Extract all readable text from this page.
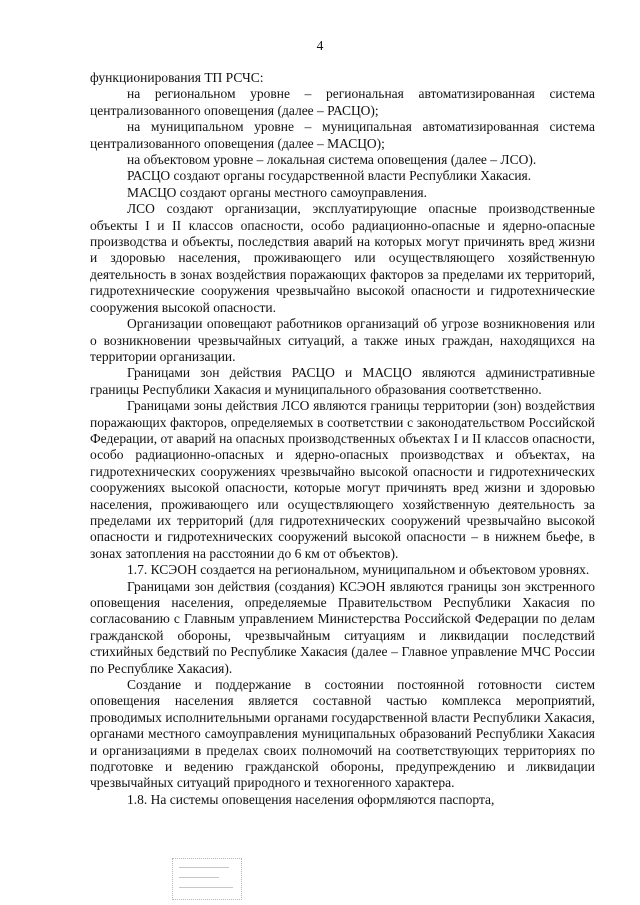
4

функционирования ТП РСЧС:

на региональном уровне – региональная автоматизированная система централизованного оповещения (далее – РАСЦО);

на муниципальном уровне – муниципальная автоматизированная система централизованного оповещения (далее – МАСЦО);

на объектовом уровне – локальная система оповещения (далее – ЛСО).

РАСЦО создают органы государственной власти Республики Хакасия.

МАСЦО создают органы местного самоуправления.

ЛСО создают организации, эксплуатирующие опасные производственные объекты I и II классов опасности, особо радиационно-опасные и ядерно-опасные производства и объекты, последствия аварий на которых могут причинять вред жизни и здоровью населения, проживающего или осуществляющего хозяйственную деятельность в зонах воздействия поражающих факторов за пределами их территорий, гидротехнические сооружения чрезвычайно высокой опасности и гидротехнические сооружения высокой опасности.

Организации оповещают работников организаций об угрозе возникновения или о возникновении чрезвычайных ситуаций, а также иных граждан, находящихся на территории организации.

Границами зон действия РАСЦО и МАСЦО являются административные границы Республики Хакасия и муниципального образования соответственно.

Границами зоны действия ЛСО являются границы территории (зон) воздействия поражающих факторов, определяемых в соответствии с законодательством Российской Федерации, от аварий на опасных производственных объектах I и II классов опасности, особо радиационно-опасных и ядерно-опасных производствах и объектах, на гидротехнических сооружениях чрезвычайно высокой опасности и гидротехнических сооружениях высокой опасности, которые могут причинять вред жизни и здоровью населения, проживающего или осуществляющего хозяйственную деятельность за пределами их территорий (для гидротехнических сооружений чрезвычайно высокой опасности и гидротехнических сооружений высокой опасности – в нижнем бьефе, в зонах затопления на расстоянии до 6 км от объектов).

1.7. КСЭОН создается на региональном, муниципальном и объектовом уровнях.

Границами зон действия (создания) КСЭОН являются границы зон экстренного оповещения населения, определяемые Правительством Республики Хакасия по согласованию с Главным управлением Министерства Российской Федерации по делам гражданской обороны, чрезвычайным ситуациям и ликвидации последствий стихийных бедствий по Республике Хакасия (далее – Главное управление МЧС России по Республике Хакасия).

Создание и поддержание в состоянии постоянной готовности систем оповещения населения является составной частью комплекса мероприятий, проводимых исполнительными органами государственной власти Республики Хакасия, органами местного самоуправления муниципальных образований Республики Хакасия и организациями в пределах своих полномочий на соответствующих территориях по подготовке и ведению гражданской обороны, предупреждению и ликвидации чрезвычайных ситуаций природного и техногенного характера.

1.8. На системы оповещения населения оформляются паспорта,
